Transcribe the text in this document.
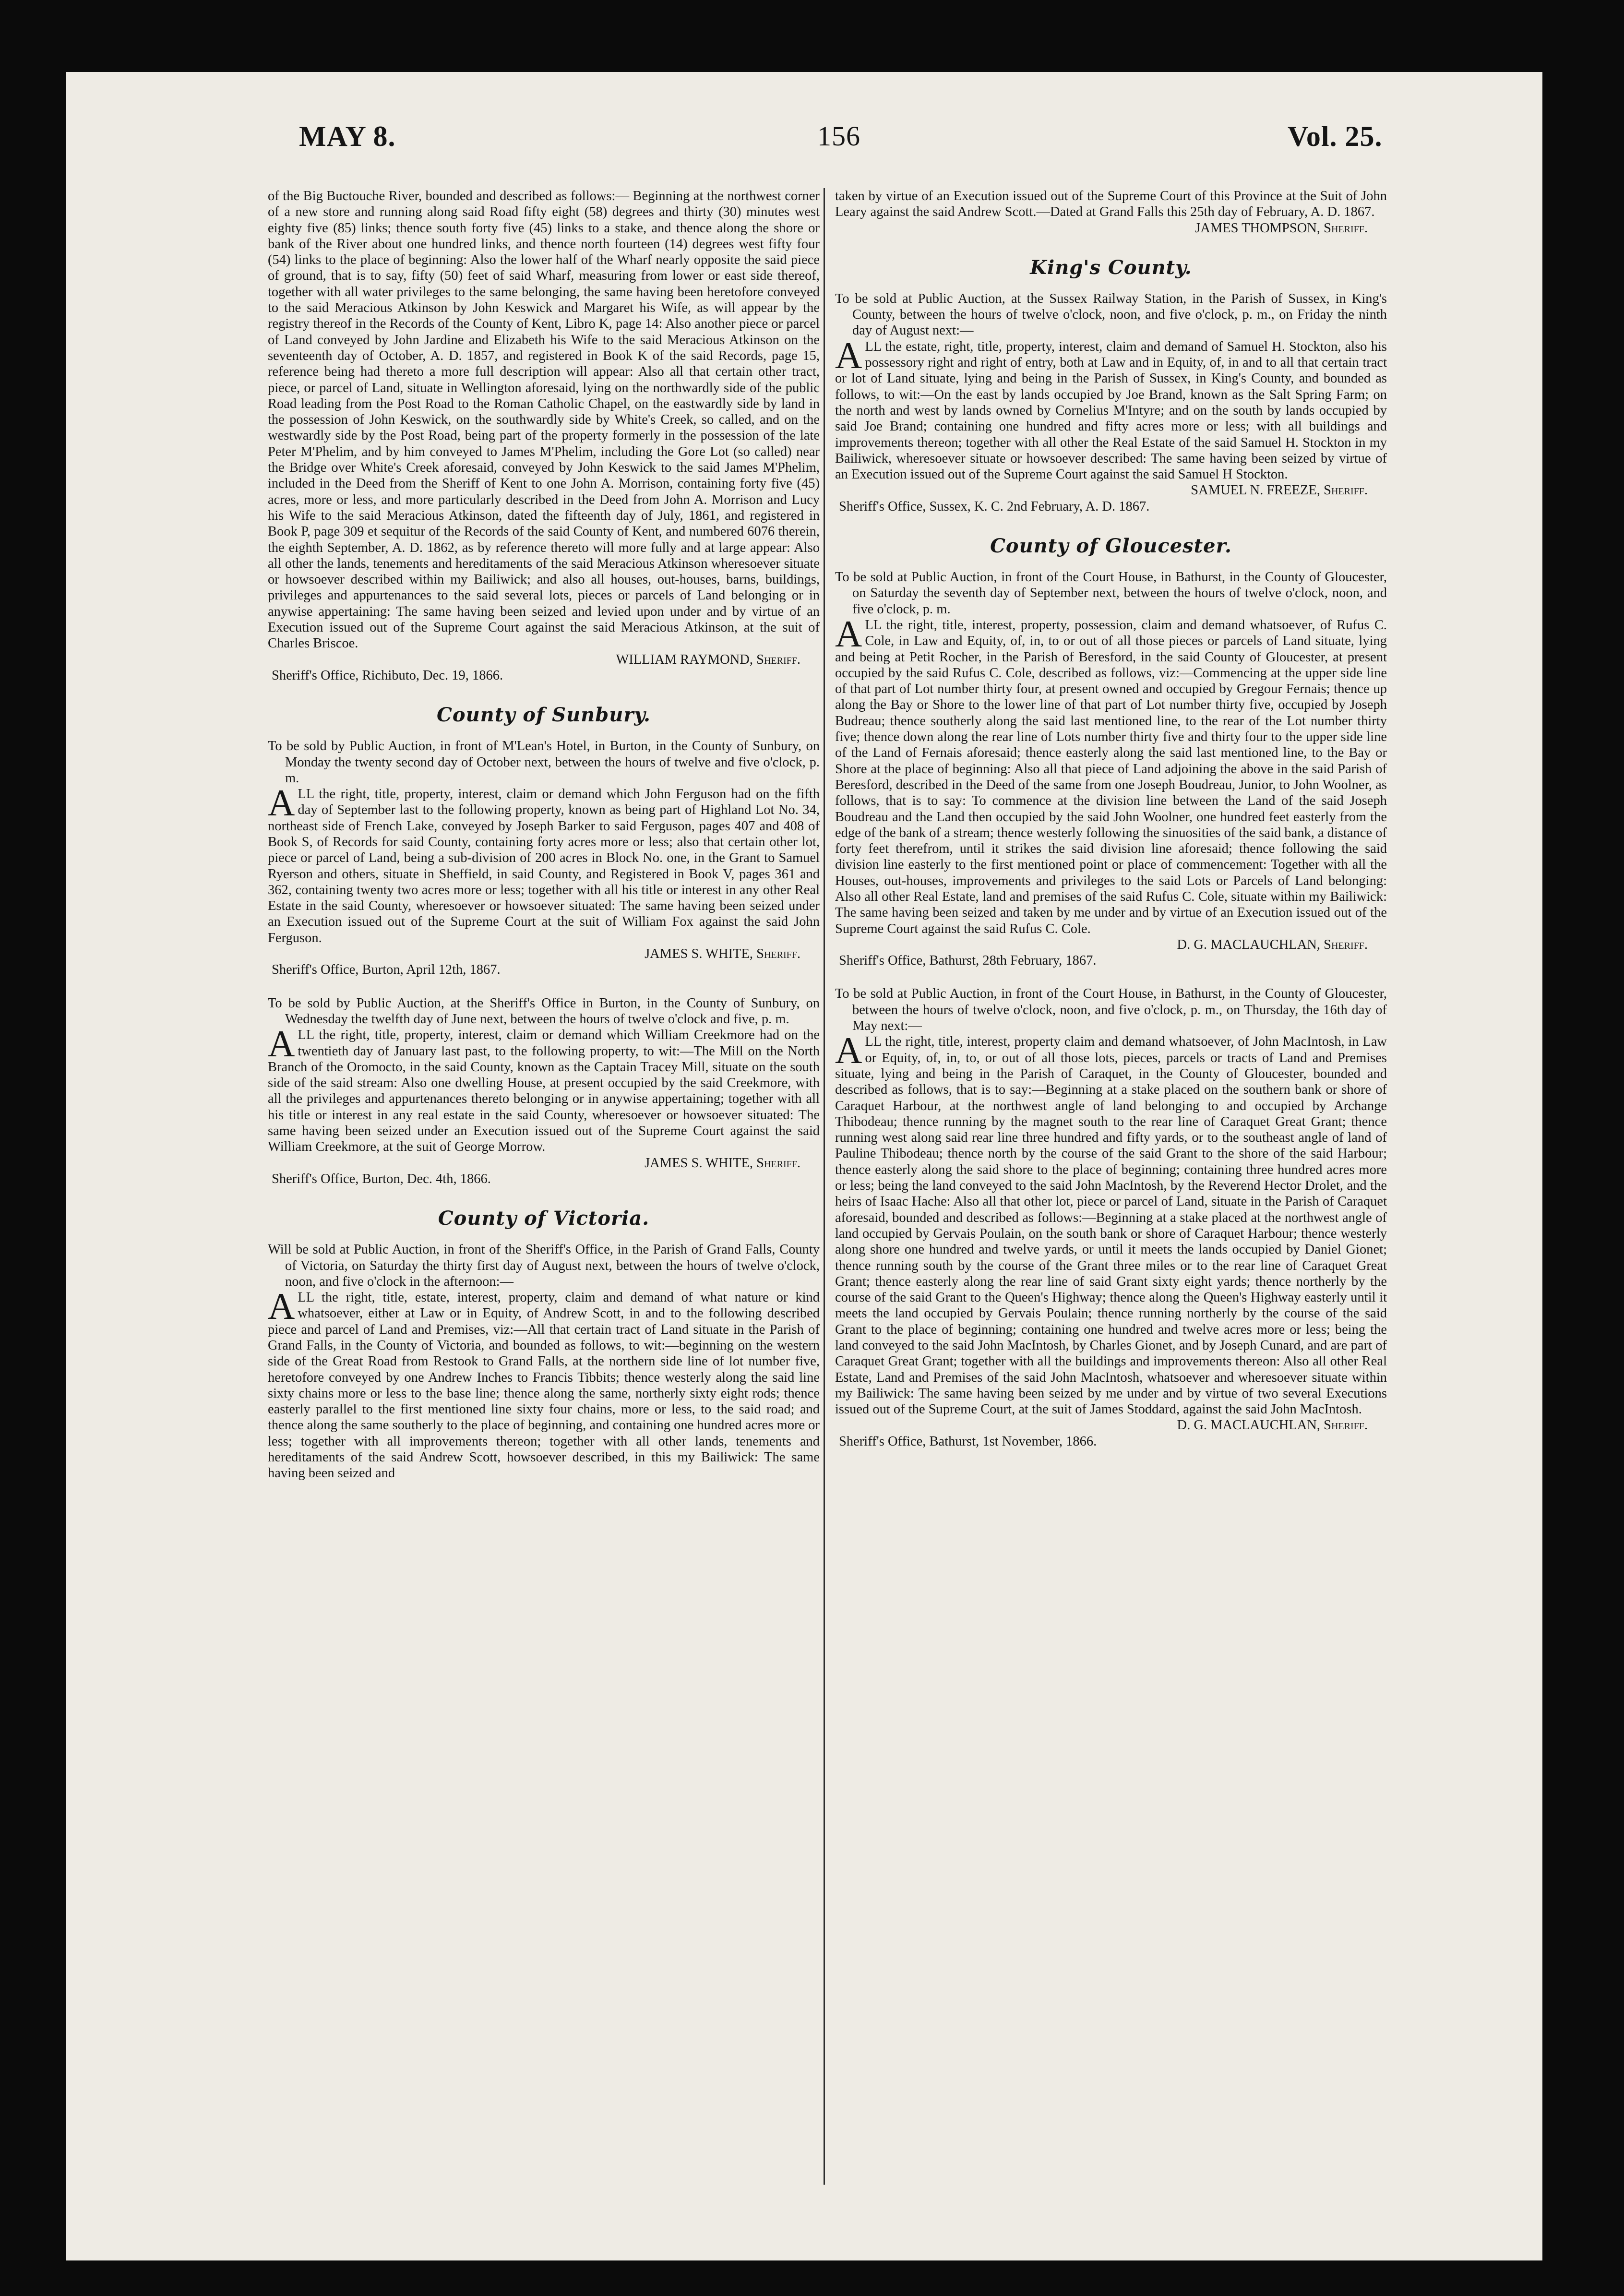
MAY 8.	156	Vol. 25.

of the Big Buctouche River, bounded and described as follows:— Beginning at the northwest corner of a new store and running along said Road fifty eight (58) degrees and thirty (30) minutes west eighty five (85) links; thence south forty five (45) links to a stake, and thence along the shore or bank of the River about one hundred links, and thence north fourteen (14) degrees west fifty four (54) links to the place of beginning: Also the lower half of the Wharf nearly opposite the said piece of ground, that is to say, fifty (50) feet of said Wharf, measuring from lower or east side thereof, together with all water privileges to the same belonging, the same having been heretofore conveyed to the said Meracious Atkinson by John Keswick and Margaret his Wife, as will appear by the registry thereof in the Records of the County of Kent, Libro K, page 14: Also another piece or parcel of Land conveyed by John Jardine and Elizabeth his Wife to the said Meracious Atkinson on the seventeenth day of October, A. D. 1857, and registered in Book K of the said Records, page 15, reference being had thereto a more full description will appear: Also all that certain other tract, piece, or parcel of Land, situate in Wellington aforesaid, lying on the northwardly side of the public Road leading from the Post Road to the Roman Catholic Chapel, on the eastwardly side by land in the possession of John Keswick, on the southwardly side by White's Creek, so called, and on the westwardly side by the Post Road, being part of the property formerly in the possession of the late Peter M'Phelim, and by him conveyed to James M'Phelim, including the Gore Lot (so called) near the Bridge over White's Creek aforesaid, conveyed by John Keswick to the said James M'Phelim, included in the Deed from the Sheriff of Kent to one John A. Morrison, containing forty five (45) acres, more or less, and more particularly described in the Deed from John A. Morrison and Lucy his Wife to the said Meracious Atkinson, dated the fifteenth day of July, 1861, and registered in Book P, page 309 et sequitur of the Records of the said County of Kent, and numbered 6076 therein, the eighth September, A. D. 1862, as by reference thereto will more fully and at large appear: Also all other the lands, tenements and hereditaments of the said Meracious Atkinson wheresoever situate or howsoever described within my Bailiwick; and also all houses, out-houses, barns, buildings, privileges and appurtenances to the said several lots, pieces or parcels of Land belonging or in anywise appertaining: The same having been seized and levied upon under and by virtue of an Execution issued out of the Supreme Court against the said Meracious Atkinson, at the suit of Charles Briscoe.

WILLIAM RAYMOND, Sheriff.

Sheriff's Office, Richibuto, Dec. 19, 1866.

County of Sunbury.

To be sold by Public Auction, in front of M'Lean's Hotel, in Burton, in the County of Sunbury, on Monday the twenty second day of October next, between the hours of twelve and five o'clock, p. m.

ALL the right, title, property, interest, claim or demand which John Ferguson had on the fifth day of September last to the following property, known as being part of Highland Lot No. 34, northeast side of French Lake, conveyed by Joseph Barker to said Ferguson, pages 407 and 408 of Book S, of Records for said County, containing forty acres more or less; also that certain other lot, piece or parcel of Land, being a sub-division of 200 acres in Block No. one, in the Grant to Samuel Ryerson and others, situate in Sheffield, in said County, and Registered in Book V, pages 361 and 362, containing twenty two acres more or less; together with all his title or interest in any other Real Estate in the said County, wheresoever or howsoever situated: The same having been seized under an Execution issued out of the Supreme Court at the suit of William Fox against the said John Ferguson.

JAMES S. WHITE, Sheriff.

Sheriff's Office, Burton, April 12th, 1867.

To be sold by Public Auction, at the Sheriff's Office in Burton, in the County of Sunbury, on Wednesday the twelfth day of June next, between the hours of twelve o'clock and five, p. m.

ALL the right, title, property, interest, claim or demand which William Creekmore had on the twentieth day of January last past, to the following property, to wit:—The Mill on the North Branch of the Oromocto, in the said County, known as the Captain Tracey Mill, situate on the south side of the said stream: Also one dwelling House, at present occupied by the said Creekmore, with all the privileges and appurtenances thereto belonging or in anywise appertaining; together with all his title or interest in any real estate in the said County, wheresoever or howsoever situated: The same having been seized under an Execution issued out of the Supreme Court against the said William Creekmore, at the suit of George Morrow.

JAMES S. WHITE, Sheriff.

Sheriff's Office, Burton, Dec. 4th, 1866.

County of Victoria.

Will be sold at Public Auction, in front of the Sheriff's Office, in the Parish of Grand Falls, County of Victoria, on Saturday the thirty first day of August next, between the hours of twelve o'clock, noon, and five o'clock in the afternoon:—

ALL the right, title, estate, interest, property, claim and demand of what nature or kind whatsoever, either at Law or in Equity, of Andrew Scott, in and to the following described piece and parcel of Land and Premises, viz:—All that certain tract of Land situate in the Parish of Grand Falls, in the County of Victoria, and bounded as follows, to wit:—beginning on the western side of the Great Road from Restook to Grand Falls, at the northern side line of lot number five, heretofore conveyed by one Andrew Inches to Francis Tibbits; thence westerly along the said line sixty chains more or less to the base line; thence along the same, northerly sixty eight rods; thence easterly parallel to the first mentioned line sixty four chains, more or less, to the said road; and thence along the same southerly to the place of beginning, and containing one hundred acres more or less; together with all improvements thereon; together with all other lands, tenements and hereditaments of the said Andrew Scott, howsoever described, in this my Bailiwick: The same having been seized and

taken by virtue of an Execution issued out of the Supreme Court of this Province at the Suit of John Leary against the said Andrew Scott.—Dated at Grand Falls this 25th day of February, A. D. 1867.

JAMES THOMPSON, Sheriff.

King's County.

To be sold at Public Auction, at the Sussex Railway Station, in the Parish of Sussex, in King's County, between the hours of twelve o'clock, noon, and five o'clock, p. m., on Friday the ninth day of August next:—

ALL the estate, right, title, property, interest, claim and demand of Samuel H. Stockton, also his possessory right and right of entry, both at Law and in Equity, of, in and to all that certain tract or lot of Land situate, lying and being in the Parish of Sussex, in King's County, and bounded as follows, to wit:—On the east by lands occupied by Joe Brand, known as the Salt Spring Farm; on the north and west by lands owned by Cornelius M'Intyre; and on the south by lands occupied by said Joe Brand; containing one hundred and fifty acres more or less; with all buildings and improvements thereon; together with all other the Real Estate of the said Samuel H. Stockton in my Bailiwick, wheresoever situate or howsoever described: The same having been seized by virtue of an Execution issued out of the Supreme Court against the said Samuel H Stockton.

SAMUEL N. FREEZE, Sheriff.

Sheriff's Office, Sussex, K. C. 2nd February, A. D. 1867.

County of Gloucester.

To be sold at Public Auction, in front of the Court House, in Bathurst, in the County of Gloucester, on Saturday the seventh day of September next, between the hours of twelve o'clock, noon, and five o'clock, p. m.

ALL the right, title, interest, property, possession, claim and demand whatsoever, of Rufus C. Cole, in Law and Equity, of, in, to or out of all those pieces or parcels of Land situate, lying and being at Petit Rocher, in the Parish of Beresford, in the said County of Gloucester, at present occupied by the said Rufus C. Cole, described as follows, viz:—Commencing at the upper side line of that part of Lot number thirty four, at present owned and occupied by Gregour Fernais; thence up along the Bay or Shore to the lower line of that part of Lot number thirty five, occupied by Joseph Budreau; thence southerly along the said last mentioned line, to the rear of the Lot number thirty five; thence down along the rear line of Lots number thirty five and thirty four to the upper side line of the Land of Fernais aforesaid; thence easterly along the said last mentioned line, to the Bay or Shore at the place of beginning: Also all that piece of Land adjoining the above in the said Parish of Beresford, described in the Deed of the same from one Joseph Boudreau, Junior, to John Woolner, as follows, that is to say: To commence at the division line between the Land of the said Joseph Boudreau and the Land then occupied by the said John Woolner, one hundred feet easterly from the edge of the bank of a stream; thence westerly following the sinuosities of the said bank, a distance of forty feet therefrom, until it strikes the said division line aforesaid; thence following the said division line easterly to the first mentioned point or place of commencement: Together with all the Houses, out-houses, improvements and privileges to the said Lots or Parcels of Land belonging: Also all other Real Estate, land and premises of the said Rufus C. Cole, situate within my Bailiwick: The same having been seized and taken by me under and by virtue of an Execution issued out of the Supreme Court against the said Rufus C. Cole.

D. G. MACLAUCHLAN, Sheriff.

Sheriff's Office, Bathurst, 28th February, 1867.

To be sold at Public Auction, in front of the Court House, in Bathurst, in the County of Gloucester, between the hours of twelve o'clock, noon, and five o'clock, p. m., on Thursday, the 16th day of May next:—

ALL the right, title, interest, property claim and demand whatsoever, of John MacIntosh, in Law or Equity, of, in, to, or out of all those lots, pieces, parcels or tracts of Land and Premises situate, lying and being in the Parish of Caraquet, in the County of Gloucester, bounded and described as follows, that is to say:—Beginning at a stake placed on the southern bank or shore of Caraquet Harbour, at the northwest angle of land belonging to and occupied by Archange Thibodeau; thence running by the magnet south to the rear line of Caraquet Great Grant; thence running west along said rear line three hundred and fifty yards, or to the southeast angle of land of Pauline Thibodeau; thence north by the course of the said Grant to the shore of the said Harbour; thence easterly along the said shore to the place of beginning; containing three hundred acres more or less; being the land conveyed to the said John MacIntosh, by the Reverend Hector Drolet, and the heirs of Isaac Hache: Also all that other lot, piece or parcel of Land, situate in the Parish of Caraquet aforesaid, bounded and described as follows:—Beginning at a stake placed at the northwest angle of land occupied by Gervais Poulain, on the south bank or shore of Caraquet Harbour; thence westerly along shore one hundred and twelve yards, or until it meets the lands occupied by Daniel Gionet; thence running south by the course of the Grant three miles or to the rear line of Caraquet Great Grant; thence easterly along the rear line of said Grant sixty eight yards; thence northerly by the course of the said Grant to the Queen's Highway; thence along the Queen's Highway easterly until it meets the land occupied by Gervais Poulain; thence running northerly by the course of the said Grant to the place of beginning; containing one hundred and twelve acres more or less; being the land conveyed to the said John MacIntosh, by Charles Gionet, and by Joseph Cunard, and are part of Caraquet Great Grant; together with all the buildings and improvements thereon: Also all other Real Estate, Land and Premises of the said John MacIntosh, whatsoever and wheresoever situate within my Bailiwick: The same having been seized by me under and by virtue of two several Executions issued out of the Supreme Court, at the suit of James Stoddard, against the said John MacIntosh.

D. G. MACLAUCHLAN, Sheriff.

Sheriff's Office, Bathurst, 1st November, 1866.
